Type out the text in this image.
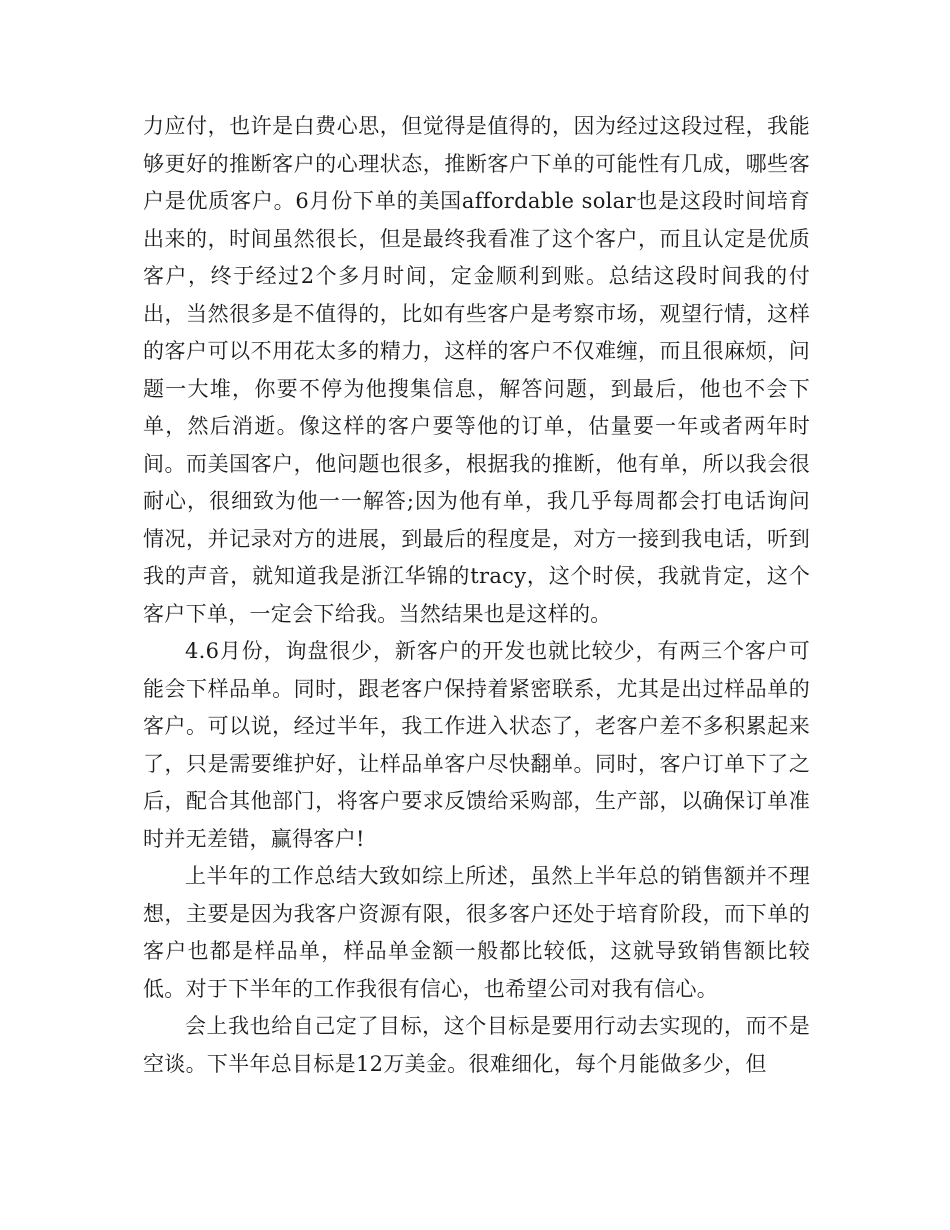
力应付，也许是白费心思，但觉得是值得的，因为经过这段过程，我能够更好的推断客户的心理状态，推断客户下单的可能性有几成，哪些客户是优质客户。6月份下单的美国affordable solar也是这段时间培育出来的，时间虽然很长，但是最终我看准了这个客户，而且认定是优质客户，终于经过2个多月时间，定金顺利到账。总结这段时间我的付出，当然很多是不值得的，比如有些客户是考察市场，观望行情，这样的客户可以不用花太多的精力，这样的客户不仅难缠，而且很麻烦，问题一大堆，你要不停为他搜集信息，解答问题，到最后，他也不会下单，然后消逝。像这样的客户要等他的订单，估量要一年或者两年时间。而美国客户，他问题也很多，根据我的推断，他有单，所以我会很耐心，很细致为他一一解答;因为他有单，我几乎每周都会打电话询问情况，并记录对方的进展，到最后的程度是，对方一接到我电话，听到我的声音，就知道我是浙江华锦的tracy，这个时侯，我就肯定，这个客户下单，一定会下给我。当然结果也是这样的。

4.6月份，询盘很少，新客户的开发也就比较少，有两三个客户可能会下样品单。同时，跟老客户保持着紧密联系，尤其是出过样品单的客户。可以说，经过半年，我工作进入状态了，老客户差不多积累起来了，只是需要维护好，让样品单客户尽快翻单。同时，客户订单下了之后，配合其他部门，将客户要求反馈给采购部，生产部，以确保订单准时并无差错，赢得客户!

上半年的工作总结大致如综上所述，虽然上半年总的销售额并不理想，主要是因为我客户资源有限，很多客户还处于培育阶段，而下单的客户也都是样品单，样品单金额一般都比较低，这就导致销售额比较低。对于下半年的工作我很有信心，也希望公司对我有信心。

会上我也给自己定了目标，这个目标是要用行动去实现的，而不是空谈。下半年总目标是12万美金。很难细化，每个月能做多少，但
